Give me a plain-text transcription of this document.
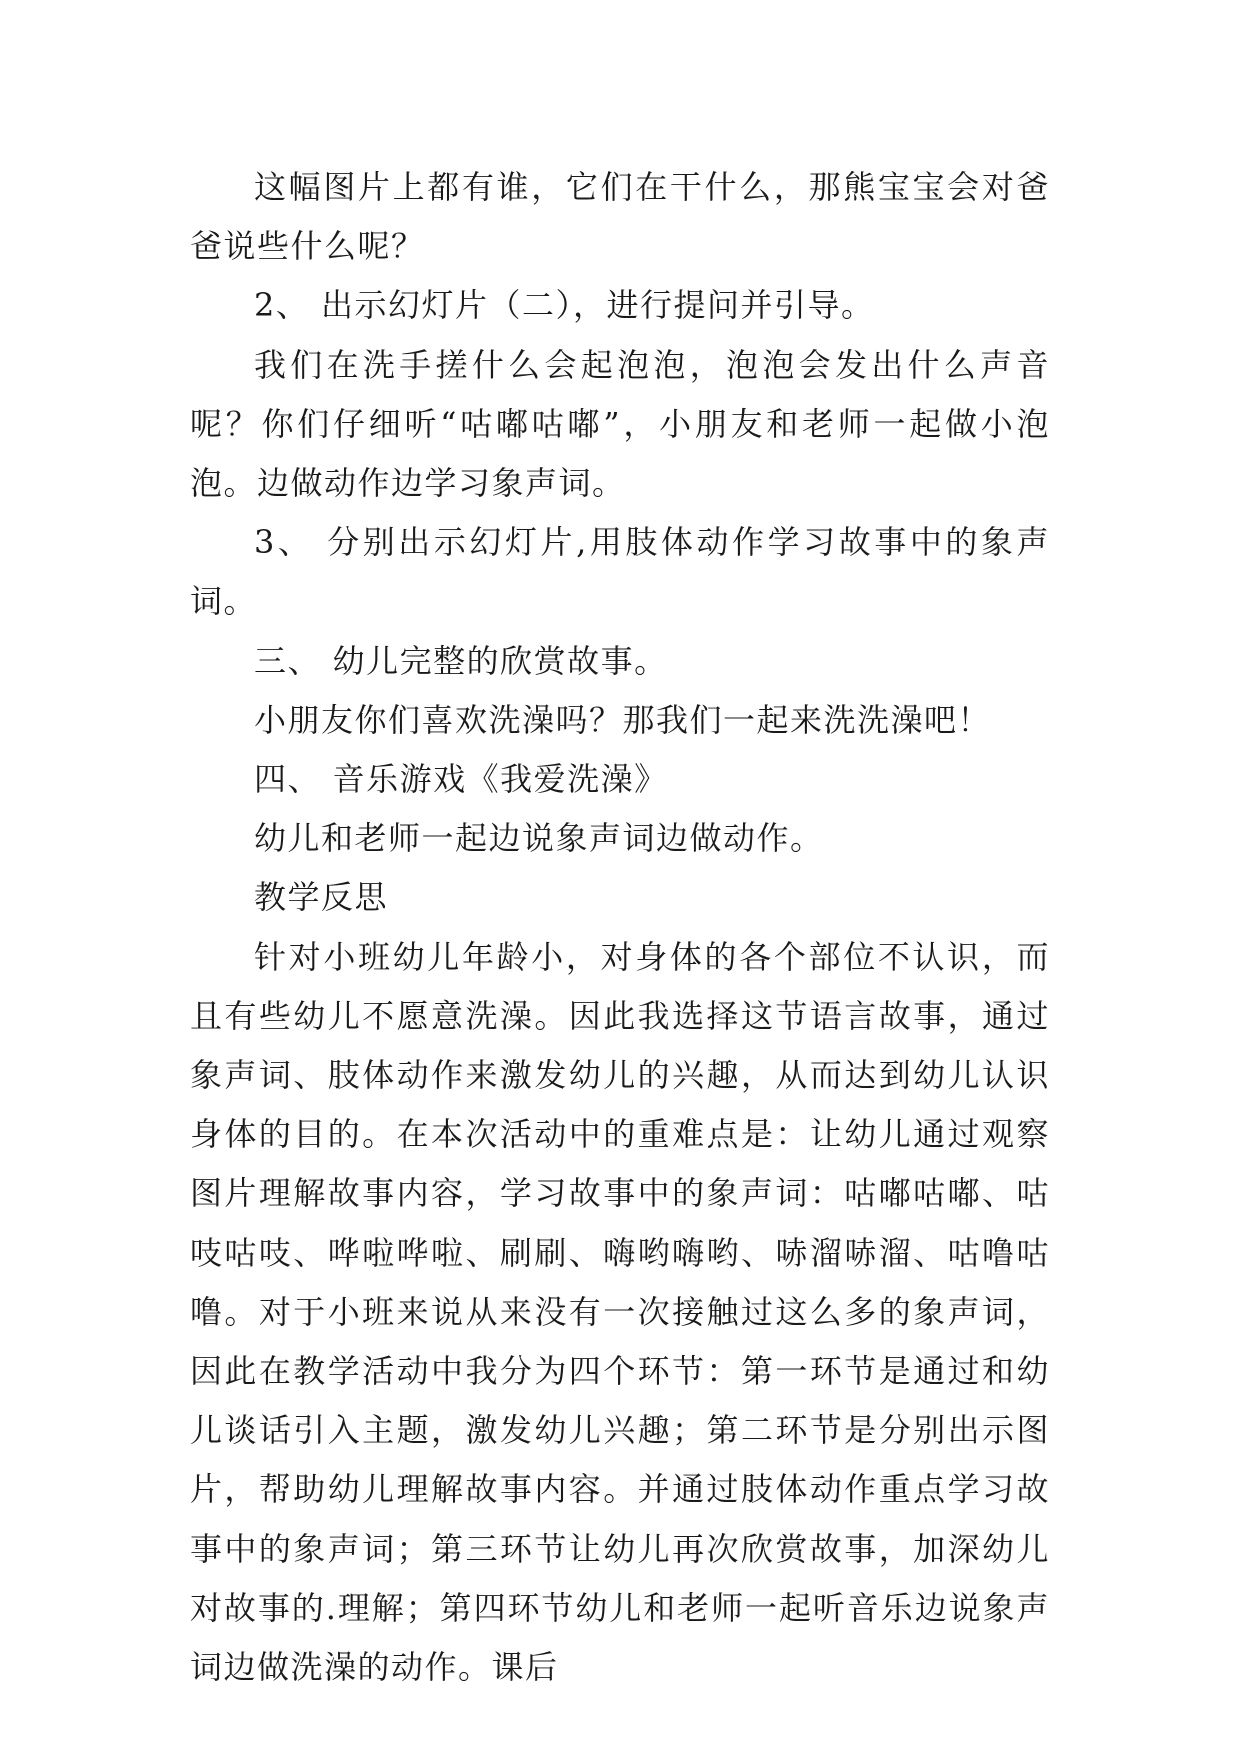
这幅图片上都有谁，它们在干什么，那熊宝宝会对爸爸说些什么呢？

2、 出示幻灯片（二），进行提问并引导。

我们在洗手搓什么会起泡泡，泡泡会发出什么声音呢？你们仔细听“咕嘟咕嘟”，小朋友和老师一起做小泡泡。边做动作边学习象声词。

3、 分别出示幻灯片,用肢体动作学习故事中的象声词。

三、 幼儿完整的欣赏故事。

小朋友你们喜欢洗澡吗？那我们一起来洗洗澡吧！

四、 音乐游戏《我爱洗澡》

幼儿和老师一起边说象声词边做动作。

教学反思

针对小班幼儿年龄小，对身体的各个部位不认识，而且有些幼儿不愿意洗澡。因此我选择这节语言故事，通过象声词、肢体动作来激发幼儿的兴趣，从而达到幼儿认识身体的目的。在本次活动中的重难点是：让幼儿通过观察图片理解故事内容，学习故事中的象声词：咕嘟咕嘟、咕吱咕吱、哗啦哗啦、刷刷、嗨哟嗨哟、哧溜哧溜、咕噜咕噜。对于小班来说从来没有一次接触过这么多的象声词，因此在教学活动中我分为四个环节：第一环节是通过和幼儿谈话引入主题，激发幼儿兴趣；第二环节是分别出示图片，帮助幼儿理解故事内容。并通过肢体动作重点学习故事中的象声词；第三环节让幼儿再次欣赏故事，加深幼儿对故事的.理解；第四环节幼儿和老师一起听音乐边说象声词边做洗澡的动作。课后
